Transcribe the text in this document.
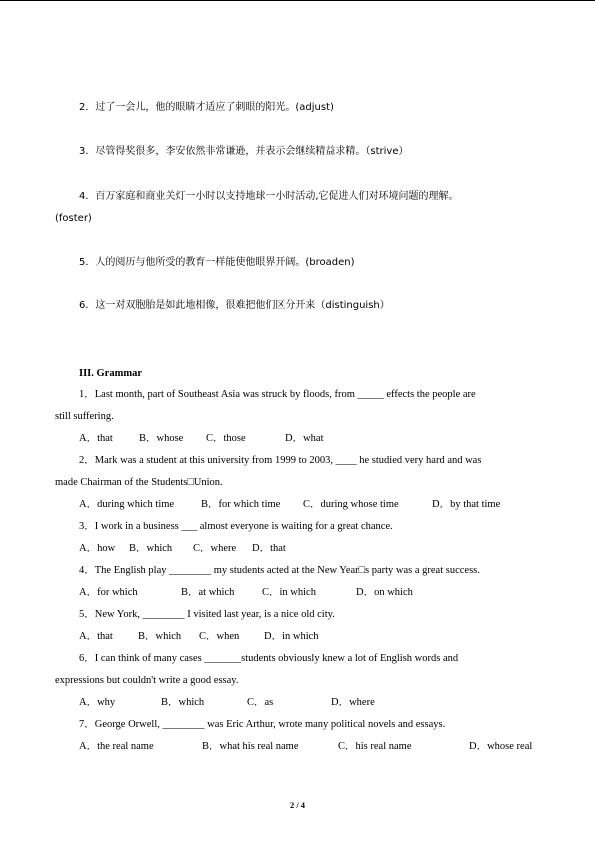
2．过了一会儿，他的眼睛才适应了刺眼的阳光。(adjust)
3．尽管得奖很多，李安依然非常谦逊，并表示会继续精益求精。（strive）
4．百万家庭和商业关灯一小时以支持地球一小时活动,它促进人们对环境问题的理解。
(foster)
5．人的阅历与他所受的教育一样能使他眼界开阔。(broaden)
6．这一对双胞胎是如此地相像，很难把他们区分开来（distinguish）
III. Grammar
1．Last month, part of Southeast Asia was struck by floods, from _____ effects the people are
still suffering.
A．that B．whose C．those	D．what
2．Mark was a student at this university from 1999 to 2003, ____ he studied very hard and was
made Chairman of the Students□Union.
A．during which time	B．for which time C．during whose time	D．by that time
3．I work in a business ___ almost everyone is waiting for a great chance.
A．how B．which C．where D．that
4．The English play ________ my students acted at the New Year□s party was a great success.
A．for which	B．at which	C．in which	D．on which
5．New York, ________ I visited last year, is a nice old city.
A．that B．which C．when D．in which
6．I can think of many cases _______students obviously knew a lot of English words and
expressions but couldn't write a good essay.
A．why	B．which	C．as	D．where
7．George Orwell, ________ was Eric Arthur, wrote many political novels and essays.
A．the real name	B．what his real name	C．his real name	D．whose real
2 / 4
